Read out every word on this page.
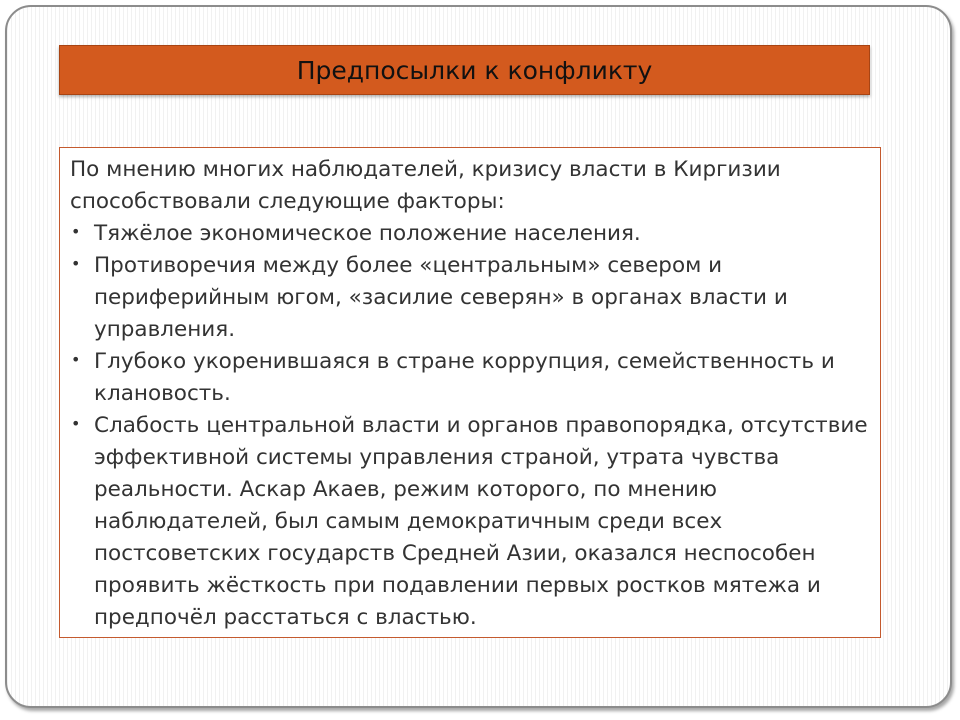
Предпосылки к конфликту

По мнению многих наблюдателей, кризису власти в Киргизии способствовали следующие факторы:

• Тяжёлое экономическое положение населения.
• Противоречия между более «центральным» севером и периферийным югом, «засилие северян» в органах власти и управления.
• Глубоко укоренившаяся в стране коррупция, семейственность и клановость.
• Слабость центральной власти и органов правопорядка, отсутствие эффективной системы управления страной, утрата чувства реальности. Аскар Акаев, режим которого, по мнению наблюдателей, был самым демократичным среди всех постсоветских государств Средней Азии, оказался неспособен проявить жёсткость при подавлении первых ростков мятежа и предпочёл расстаться с властью.
